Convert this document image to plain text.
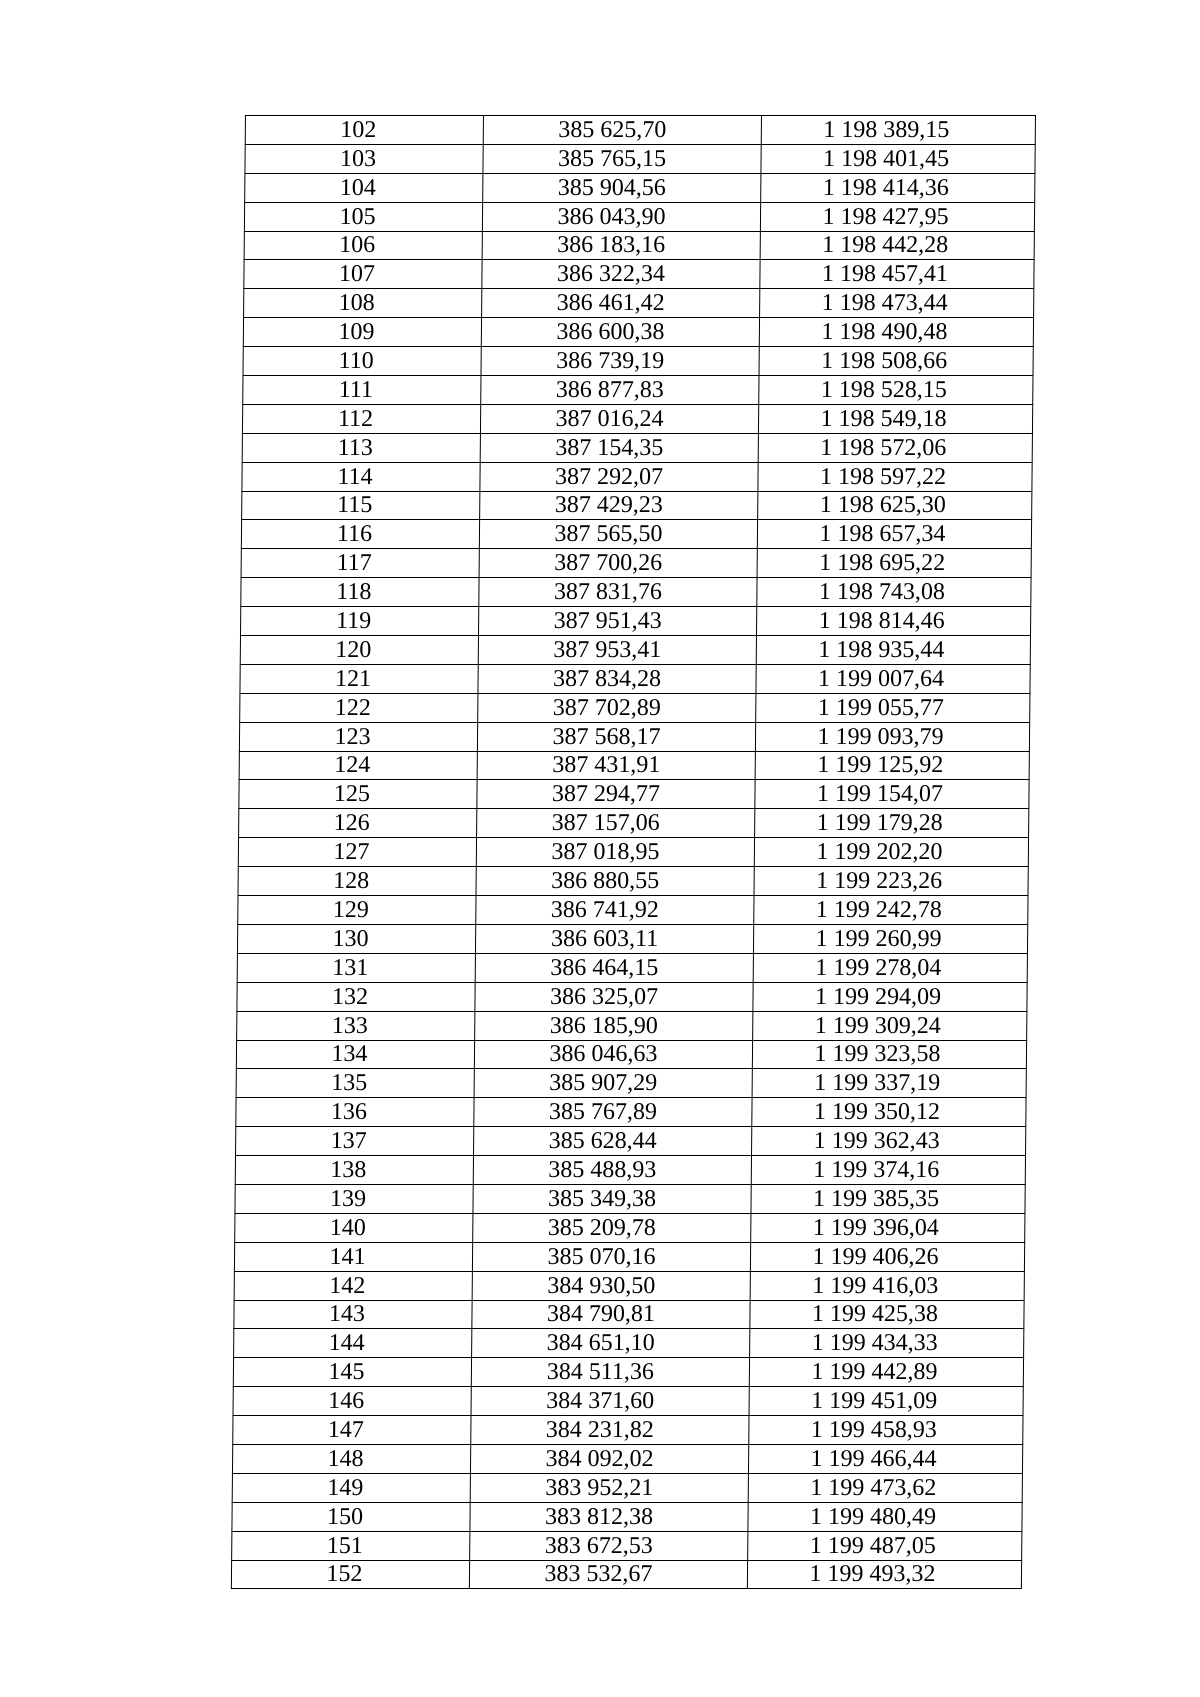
102	385 625,70	1 198 389,15
103	385 765,15	1 198 401,45
104	385 904,56	1 198 414,36
105	386 043,90	1 198 427,95
106	386 183,16	1 198 442,28
107	386 322,34	1 198 457,41
108	386 461,42	1 198 473,44
109	386 600,38	1 198 490,48
110	386 739,19	1 198 508,66
111	386 877,83	1 198 528,15
112	387 016,24	1 198 549,18
113	387 154,35	1 198 572,06
114	387 292,07	1 198 597,22
115	387 429,23	1 198 625,30
116	387 565,50	1 198 657,34
117	387 700,26	1 198 695,22
118	387 831,76	1 198 743,08
119	387 951,43	1 198 814,46
120	387 953,41	1 198 935,44
121	387 834,28	1 199 007,64
122	387 702,89	1 199 055,77
123	387 568,17	1 199 093,79
124	387 431,91	1 199 125,92
125	387 294,77	1 199 154,07
126	387 157,06	1 199 179,28
127	387 018,95	1 199 202,20
128	386 880,55	1 199 223,26
129	386 741,92	1 199 242,78
130	386 603,11	1 199 260,99
131	386 464,15	1 199 278,04
132	386 325,07	1 199 294,09
133	386 185,90	1 199 309,24
134	386 046,63	1 199 323,58
135	385 907,29	1 199 337,19
136	385 767,89	1 199 350,12
137	385 628,44	1 199 362,43
138	385 488,93	1 199 374,16
139	385 349,38	1 199 385,35
140	385 209,78	1 199 396,04
141	385 070,16	1 199 406,26
142	384 930,50	1 199 416,03
143	384 790,81	1 199 425,38
144	384 651,10	1 199 434,33
145	384 511,36	1 199 442,89
146	384 371,60	1 199 451,09
147	384 231,82	1 199 458,93
148	384 092,02	1 199 466,44
149	383 952,21	1 199 473,62
150	383 812,38	1 199 480,49
151	383 672,53	1 199 487,05
152	383 532,67	1 199 493,32
